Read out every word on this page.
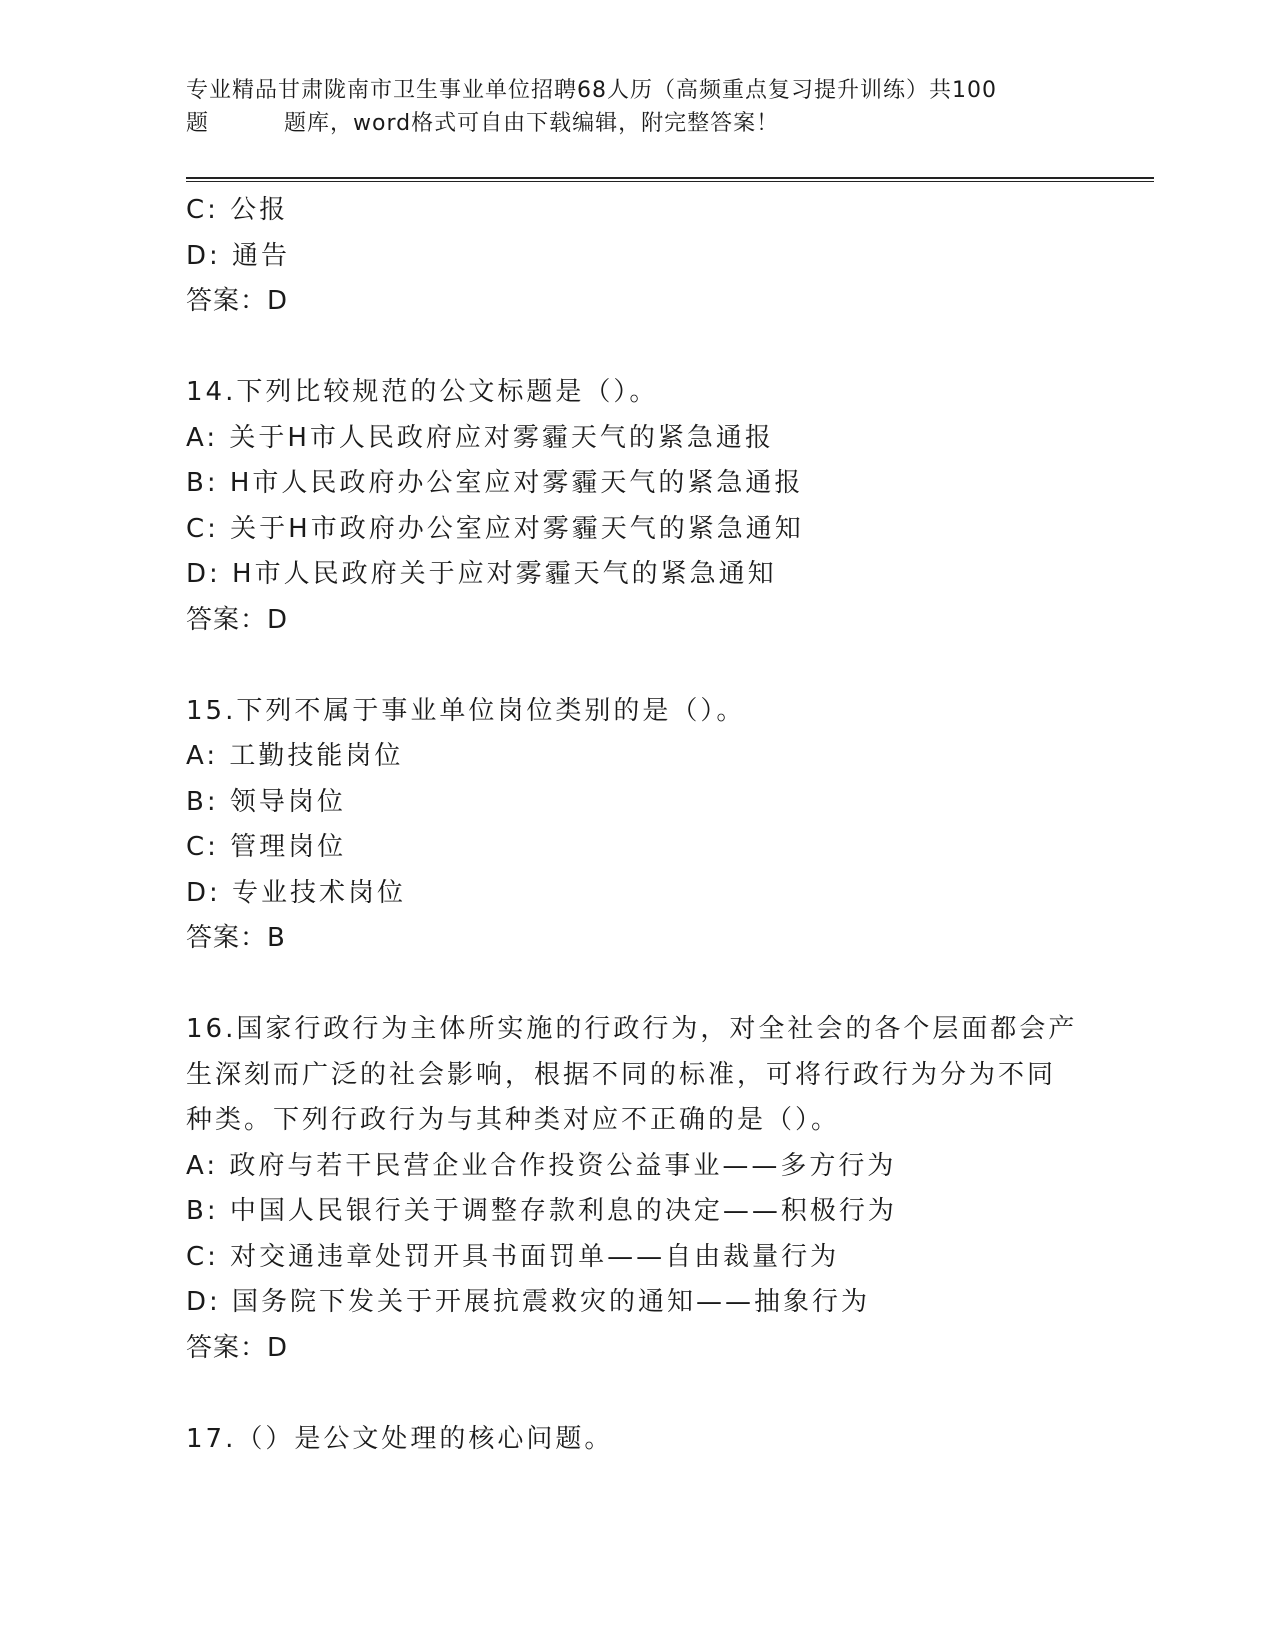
专业精品甘肃陇南市卫生事业单位招聘68人历（高频重点复习提升训练）共100
题	题库，word格式可自由下载编辑，附完整答案！
C: 公报
D: 通告
答案：D
14.下列比较规范的公文标题是（）。
A: 关于H市人民政府应对雾霾天气的紧急通报
B: H市人民政府办公室应对雾霾天气的紧急通报
C: 关于H市政府办公室应对雾霾天气的紧急通知
D: H市人民政府关于应对雾霾天气的紧急通知
答案：D
15.下列不属于事业单位岗位类别的是（）。
A: 工勤技能岗位
B: 领导岗位
C: 管理岗位
D: 专业技术岗位
答案：B
16.国家行政行为主体所实施的行政行为，对全社会的各个层面都会产
生深刻而广泛的社会影响，根据不同的标准，可将行政行为分为不同
种类。下列行政行为与其种类对应不正确的是（）。
A: 政府与若干民营企业合作投资公益事业——多方行为
B: 中国人民银行关于调整存款利息的决定——积极行为
C: 对交通违章处罚开具书面罚单——自由裁量行为
D: 国务院下发关于开展抗震救灾的通知——抽象行为
答案：D
17.（）是公文处理的核心问题。
